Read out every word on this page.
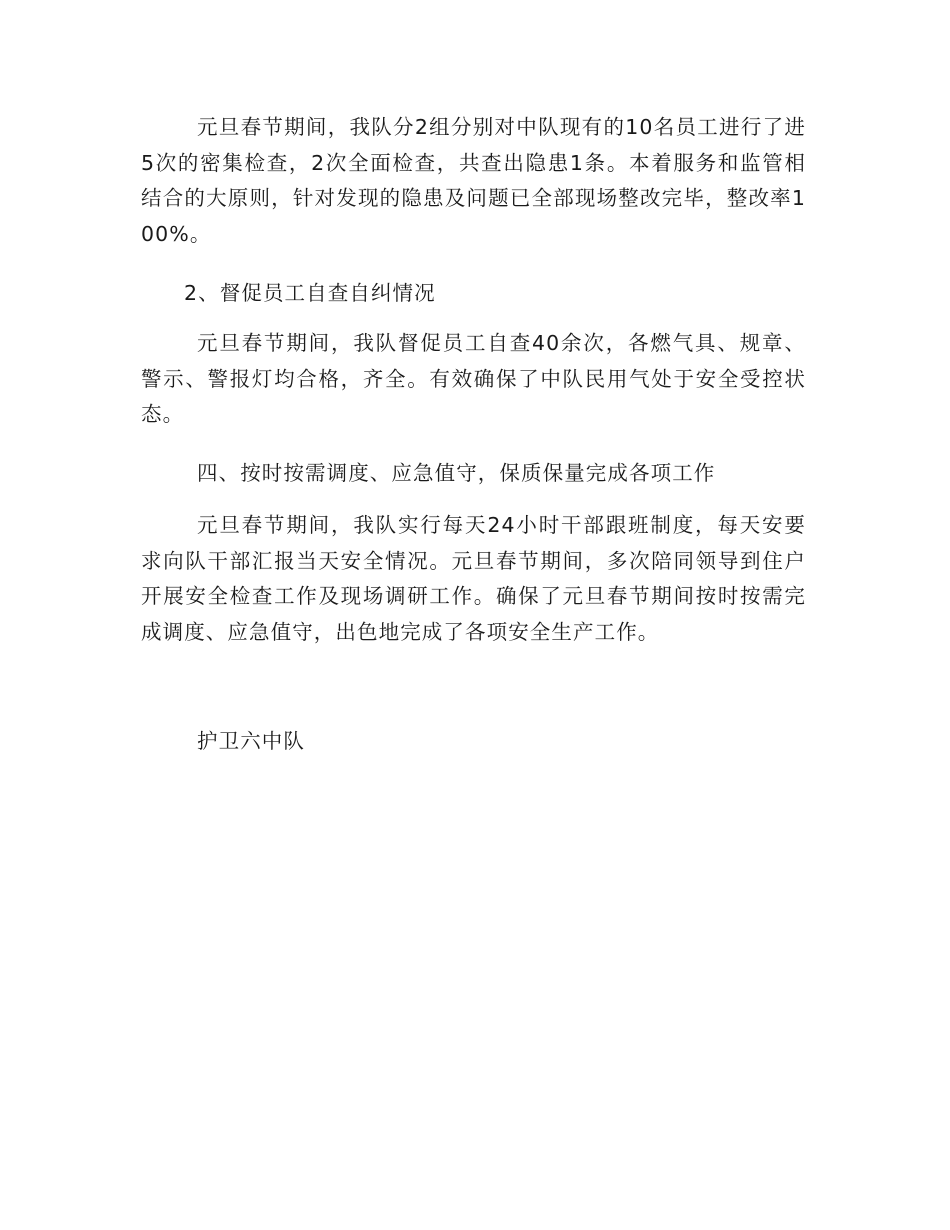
元旦春节期间，我队分2组分别对中队现有的10名员工进行了进5次的密集检查，2次全面检查，共查出隐患1条。本着服务和监管相结合的大原则，针对发现的隐患及问题已全部现场整改完毕，整改率100%。

2、督促员工自查自纠情况

元旦春节期间，我队督促员工自查40余次，各燃气具、规章、警示、警报灯均合格，齐全。有效确保了中队民用气处于安全受控状态。

四、按时按需调度、应急值守，保质保量完成各项工作

元旦春节期间，我队实行每天24小时干部跟班制度，每天安要求向队干部汇报当天安全情况。元旦春节期间，多次陪同领导到住户开展安全检查工作及现场调研工作。确保了元旦春节期间按时按需完成调度、应急值守，出色地完成了各项安全生产工作。

护卫六中队
